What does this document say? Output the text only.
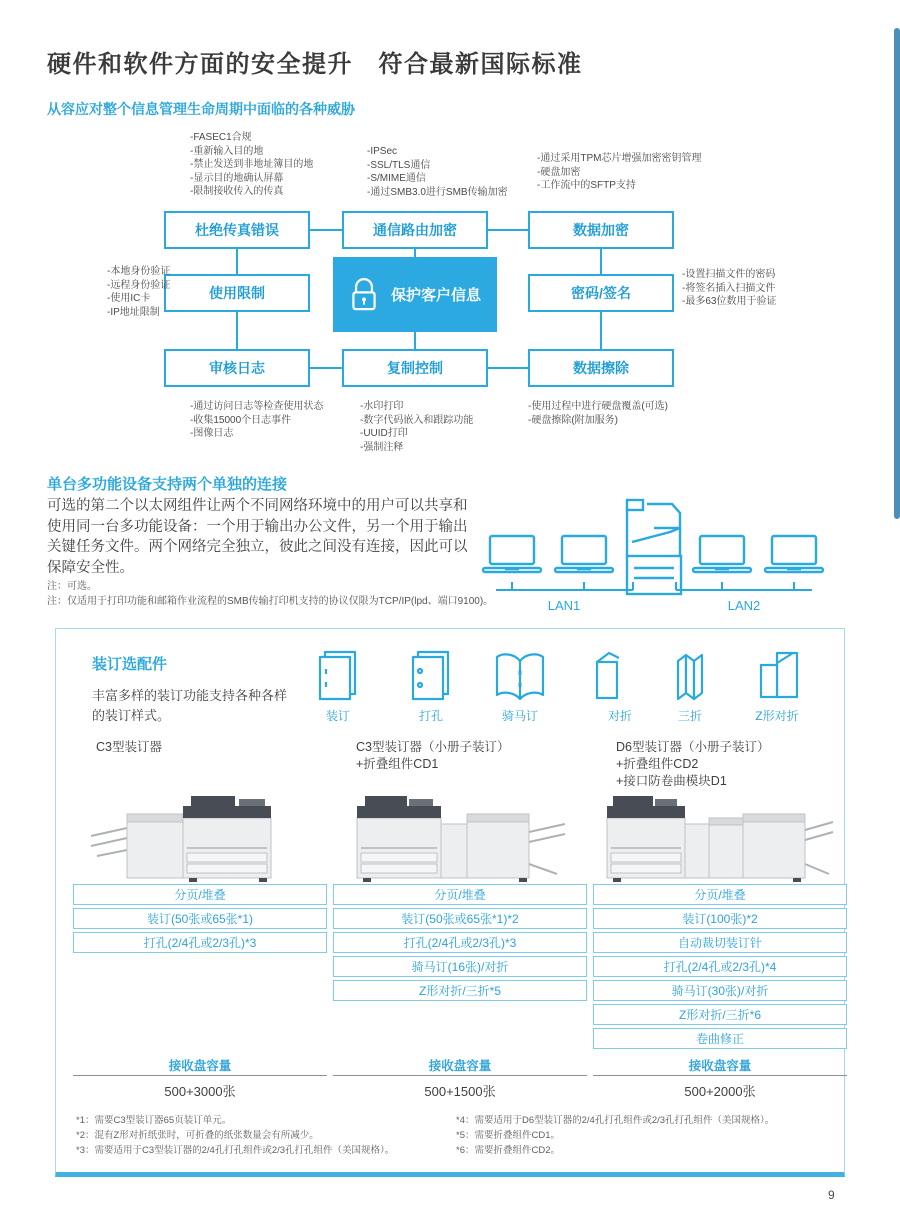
硬件和软件方面的安全提升　符合最新国际标准
从容应对整个信息管理生命周期中面临的各种威胁
-FASEC1合规
-重新输入目的地
-禁止发送到非地址簿目的地
-显示目的地确认屏幕
-限制接收传入的传真
-IPSec
-SSL/TLS通信
-S/MIME通信
-通过SMB3.0进行SMB传输加密
-通过采用TPM芯片增强加密密钥管理
-硬盘加密
-工作流中的SFTP支持
杜绝传真错误	通信路由加密	数据加密
使用限制	保护客户信息	密码/签名
审核日志	复制控制	数据擦除
-本地身份验证
-远程身份验证
-使用IC卡
-IP地址限制
-设置扫描文件的密码
-将签名插入扫描文件
-最多63位数用于验证
-通过访问日志等检查使用状态
-收集15000个日志事件
-图像日志
-水印打印
-数字代码嵌入和跟踪功能
-UUID打印
-强制注释
-使用过程中进行硬盘覆盖(可选)
-硬盘擦除(附加服务)
单台多功能设备支持两个单独的连接
可选的第二个以太网组件让两个不同网络环境中的用户可以共享和使用同一台多功能设备：一个用于输出办公文件，另一个用于输出关键任务文件。两个网络完全独立，彼此之间没有连接，因此可以保障安全性。
注：可选。
注：仅适用于打印功能和邮箱作业流程的SMB传输打印机支持的协议仅限为TCP/IP(lpd、端口9100)。	LAN1	LAN2
装订选配件
丰富多样的装订功能支持各种各样
的装订样式。	装订	打孔	对折
骑马订	三折	Z形对折
C3型装订器
分页/堆叠
装订(50张或65张*1)
打孔(2/4孔或2/3孔)*3
接收盘容量
500+3000张
C3型装订器（小册子装订）
+折叠组件CD1
分页/堆叠
装订(50张或65张*1)*2
打孔(2/4孔或2/3孔)*3
骑马订(16张)/对折
Z形对折/三折*5
接收盘容量
500+1500张
D6型装订器（小册子装订）
+折叠组件CD2
+接口防卷曲模块D1
分页/堆叠
装订(100张)*2
自动裁切装订针
打孔(2/4孔或2/3孔)*4
骑马订(30张)/对折
Z形对折/三折*6
卷曲修正
接收盘容量
500+2000张
*1：需要C3型装订器65页装订单元。
*2：混有Z形对折纸张时，可折叠的纸张数量会有所减少。
*3：需要适用于C3型装订器的2/4孔打孔组件或2/3孔打孔组件（美国规格）。
*4：需要适用于D6型装订器的2/4孔打孔组件或2/3孔打孔组件（美国规格）。
*5：需要折叠组件CD1。
*6：需要折叠组件CD2。
9
